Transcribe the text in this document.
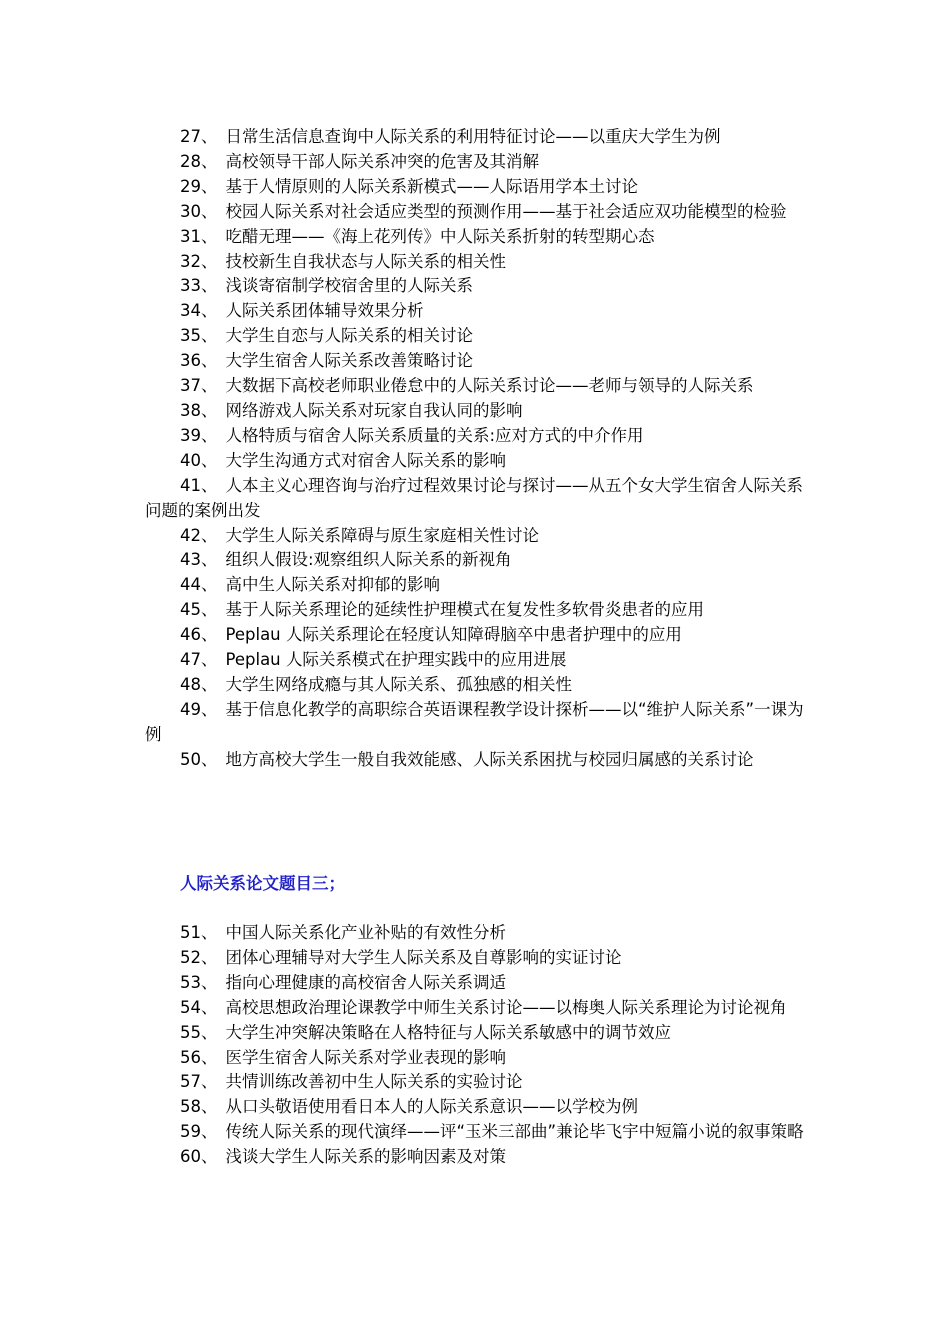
27、 日常生活信息查询中人际关系的利用特征讨论——以重庆大学生为例

28、 高校领导干部人际关系冲突的危害及其消解

29、 基于人情原则的人际关系新模式——人际语用学本土讨论

30、 校园人际关系对社会适应类型的预测作用——基于社会适应双功能模型的检验

31、 吃醋无理——《海上花列传》中人际关系折射的转型期心态

32、 技校新生自我状态与人际关系的相关性

33、 浅谈寄宿制学校宿舍里的人际关系

34、 人际关系团体辅导效果分析

35、 大学生自恋与人际关系的相关讨论

36、 大学生宿舍人际关系改善策略讨论

37、 大数据下高校老师职业倦怠中的人际关系讨论——老师与领导的人际关系

38、 网络游戏人际关系对玩家自我认同的影响

39、 人格特质与宿舍人际关系质量的关系:应对方式的中介作用

40、 大学生沟通方式对宿舍人际关系的影响

41、 人本主义心理咨询与治疗过程效果讨论与探讨——从五个女大学生宿舍人际关系问题的案例出发

42、 大学生人际关系障碍与原生家庭相关性讨论

43、 组织人假设:观察组织人际关系的新视角

44、 高中生人际关系对抑郁的影响

45、 基于人际关系理论的延续性护理模式在复发性多软骨炎患者的应用

46、 Peplau 人际关系理论在轻度认知障碍脑卒中患者护理中的应用

47、 Peplau 人际关系模式在护理实践中的应用进展

48、 大学生网络成瘾与其人际关系、孤独感的相关性

49、 基于信息化教学的高职综合英语课程教学设计探析——以“维护人际关系”一课为例

50、 地方高校大学生一般自我效能感、人际关系困扰与校园归属感的关系讨论

人际关系论文题目三；

51、 中国人际关系化产业补贴的有效性分析

52、 团体心理辅导对大学生人际关系及自尊影响的实证讨论

53、 指向心理健康的高校宿舍人际关系调适

54、 高校思想政治理论课教学中师生关系讨论——以梅奥人际关系理论为讨论视角

55、 大学生冲突解决策略在人格特征与人际关系敏感中的调节效应

56、 医学生宿舍人际关系对学业表现的影响

57、 共情训练改善初中生人际关系的实验讨论

58、 从口头敬语使用看日本人的人际关系意识——以学校为例

59、 传统人际关系的现代演绎——评“玉米三部曲”兼论毕飞宇中短篇小说的叙事策略

60、 浅谈大学生人际关系的影响因素及对策
